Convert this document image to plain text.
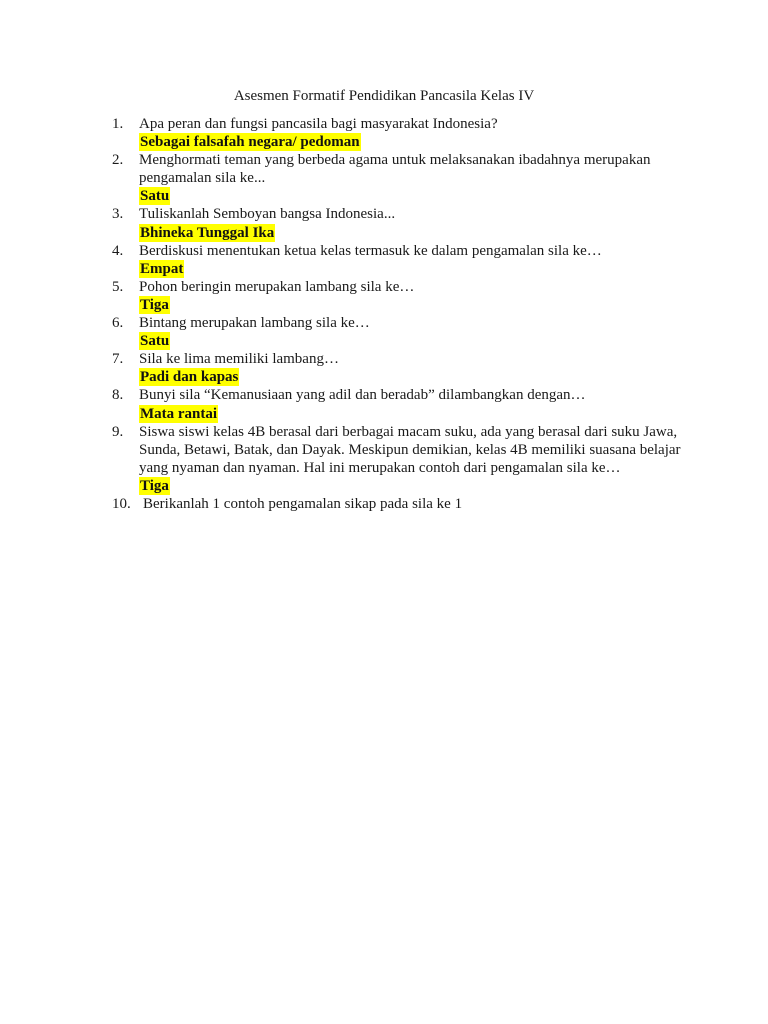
Asesmen Formatif Pendidikan Pancasila Kelas IV
1. Apa peran dan fungsi pancasila bagi masyarakat Indonesia?
Sebagai falsafah negara/ pedoman
2. Menghormati teman yang berbeda agama untuk melaksanakan ibadahnya merupakan pengamalan sila ke...
Satu
3. Tuliskanlah Semboyan bangsa Indonesia...
Bhineka Tunggal Ika
4. Berdiskusi menentukan ketua kelas termasuk ke dalam pengamalan sila ke…
Empat
5. Pohon beringin merupakan lambang sila ke…
Tiga
6. Bintang merupakan lambang sila ke…
Satu
7. Sila ke lima memiliki lambang…
Padi dan kapas
8. Bunyi sila “Kemanusiaan yang adil dan beradab” dilambangkan dengan…
Mata rantai
9. Siswa siswi kelas 4B berasal dari berbagai macam suku, ada yang berasal dari suku Jawa, Sunda, Betawi, Batak, dan Dayak. Meskipun demikian, kelas 4B memiliki suasana belajar yang nyaman dan nyaman. Hal ini merupakan contoh dari pengamalan sila ke…
Tiga
10. Berikanlah 1 contoh pengamalan sikap pada sila ke 1
